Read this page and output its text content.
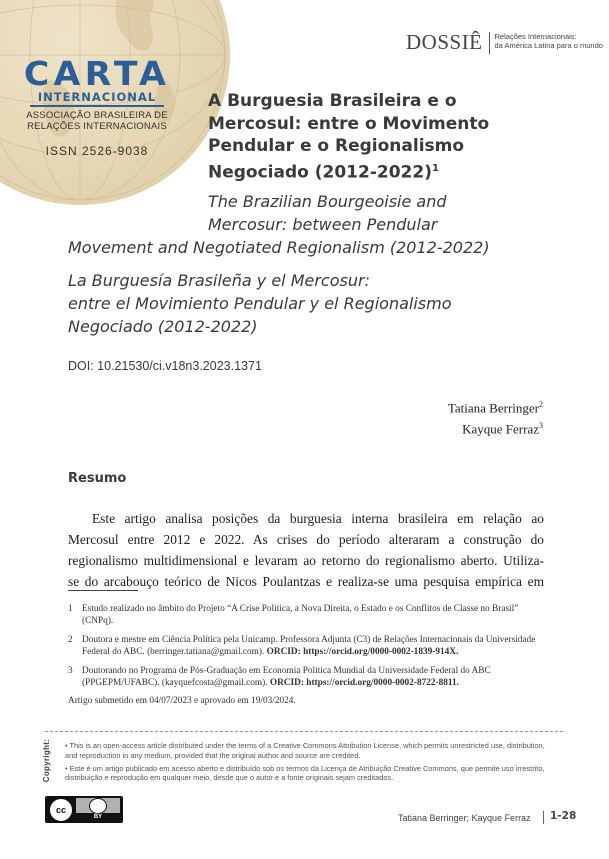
CARTA
INTERNACIONAL
ASSOCIAÇÃO BRASILEIRA DE
RELAÇÕES INTERNACIONAIS
ISSN 2526-9038
DOSSIÊ Relações Internacionais:
da América Latina para o mundo
A Burguesia Brasileira e o
Mercosul: entre o Movimento
Pendular e o Regionalismo
Negociado (2012-2022)$^1$
The Brazilian Bourgeoisie and
Mercosur: between Pendular
Movement and Negotiated Regionalism (2012-2022)
La Burguesía Brasileña y el Mercosur:
entre el Movimiento Pendular y el Regionalismo
Negociado (2012-2022)
DOI: 10.21530/ci.v18n3.2023.1371
Tatiana Berringer$^2$
Kayque Ferraz$^3$
Resumo
Este artigo analisa posições da burguesia interna brasileira em relação ao
Mercosul entre 2012 e 2022. As crises do período alteraram a construção do
regionalismo multidimensional e levaram ao retorno do regionalismo aberto. Utiliza-
se do arcabouço teórico de Nicos Poulantzas e realiza-se uma pesquisa empírica em
1	Estudo realizado no âmbito do Projeto “A Crise Política, a Nova Direita, o Estado e os Conflitos de Classe no Brasil” (CNPq).
2	Doutora e mestre em Ciência Política pela Unicamp. Professora Adjunta (C3) de Relações Internacionais da Universidade Federal do ABC. (berringer.tatiana@gmail.com). ORCID: https://orcid.org/0000-0002-1839-914X.
3	Doutorando no Programa de Pós-Graduação em Economia Política Mundial da Universidade Federal do ABC (PPGEPM/UFABC). (kayquefcosta@gmail.com). ORCID: https://orcid.org/0000-0002-8722-8811.
Artigo submetido em 04/07/2023 e aprovado em 19/03/2024.
Copyright: • This is an open-access article distributed under the terms of a Creative Commons Attribution License, which permits unrestricted use, distribution, and reproduction in any medium, provided that the original author and source are credited.

• Este é um artigo publicado em acesso aberto e distribuído sob os termos da Licença de Atribuição Creative Commons, que permite uso irrestrito, distribuição e reprodução em qualquer meio, desde que o autor e a fonte originais sejam creditados.

cc
BY	Tatiana Berringer; Kayque Ferraz 1-28
